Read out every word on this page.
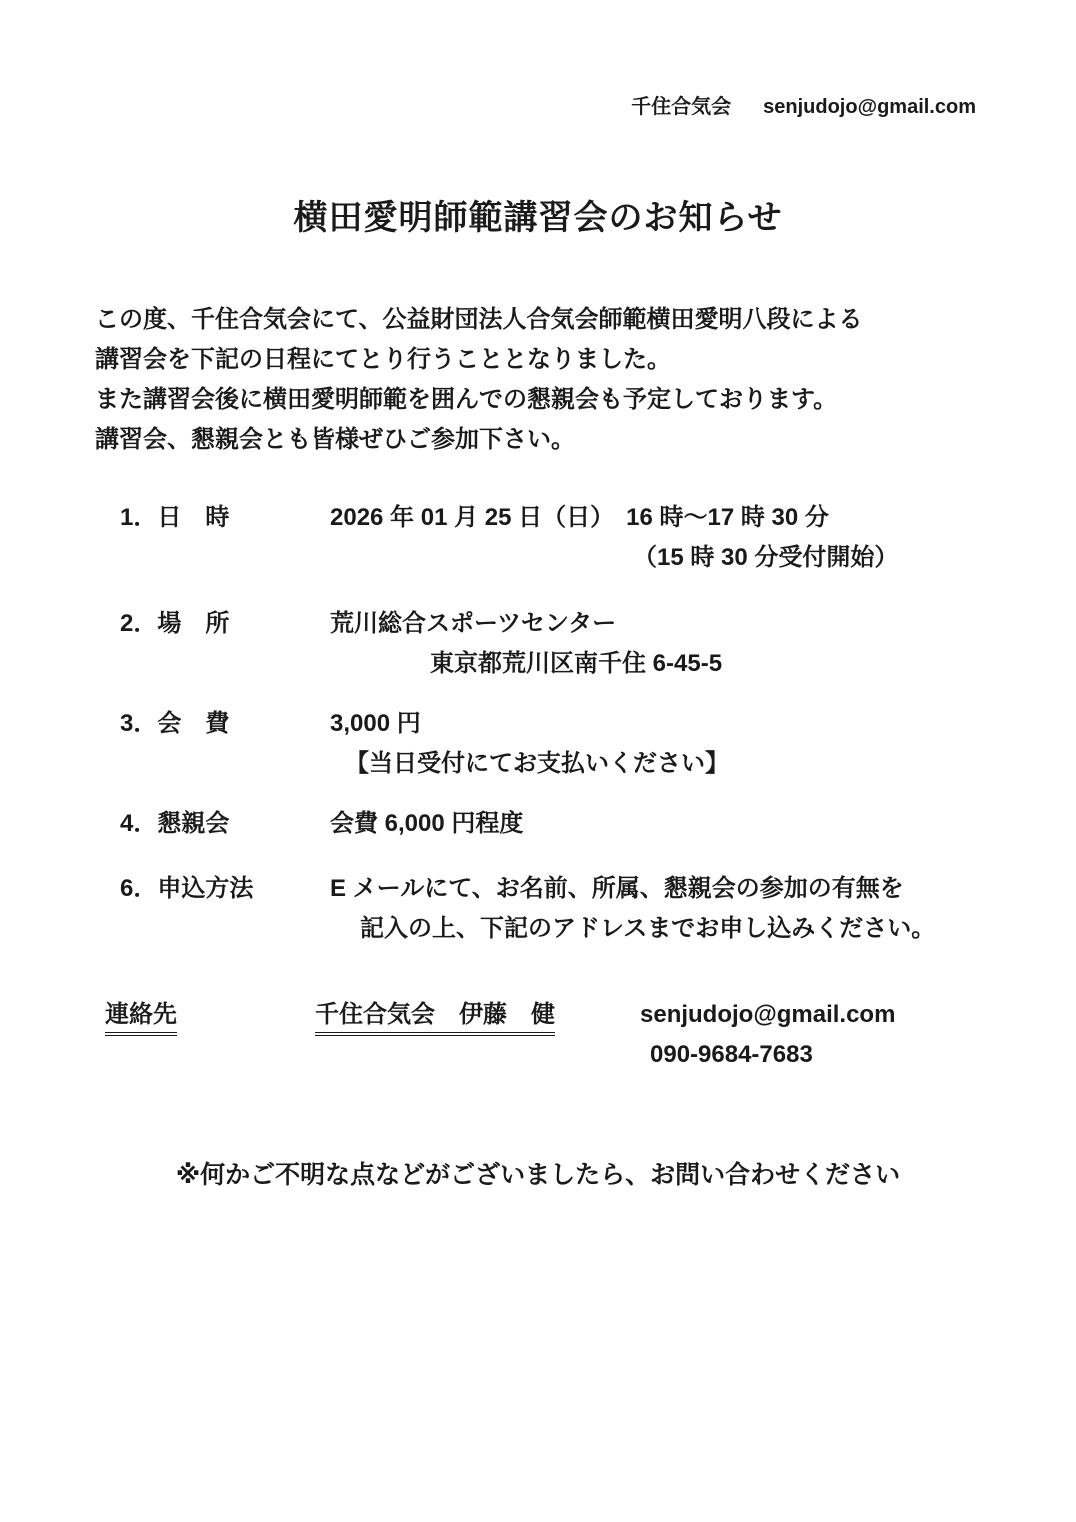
千住合気会 senjudojo@gmail.com
横田愛明師範講習会のお知らせ
この度、千住合気会にて、公益財団法人合気会師範横田愛明八段による
講習会を下記の日程にてとり行うこととなりました。
また講習会後に横田愛明師範を囲んでの懇親会も予定しております。
講習会、懇親会とも皆様ぜひご参加下さい。
1．日　時	2026 年 01 月 25 日（日）　16 時～17 時 30 分
（15 時 30 分受付開始）
2．場　所	荒川総合スポーツセンター
東京都荒川区南千住 6-45-5
3．会　費	3,000 円
【当日受付にてお支払いください】
4．懇親会	会費 6,000 円程度
6．申込方法	E メールにて、お名前、所属、懇親会の参加の有無を
記入の上、下記のアドレスまでお申し込みください。
連絡先	千住合気会　伊藤　健	senjudojo@gmail.com
090-9684-7683
※何かご不明な点などがございましたら、お問い合わせください
